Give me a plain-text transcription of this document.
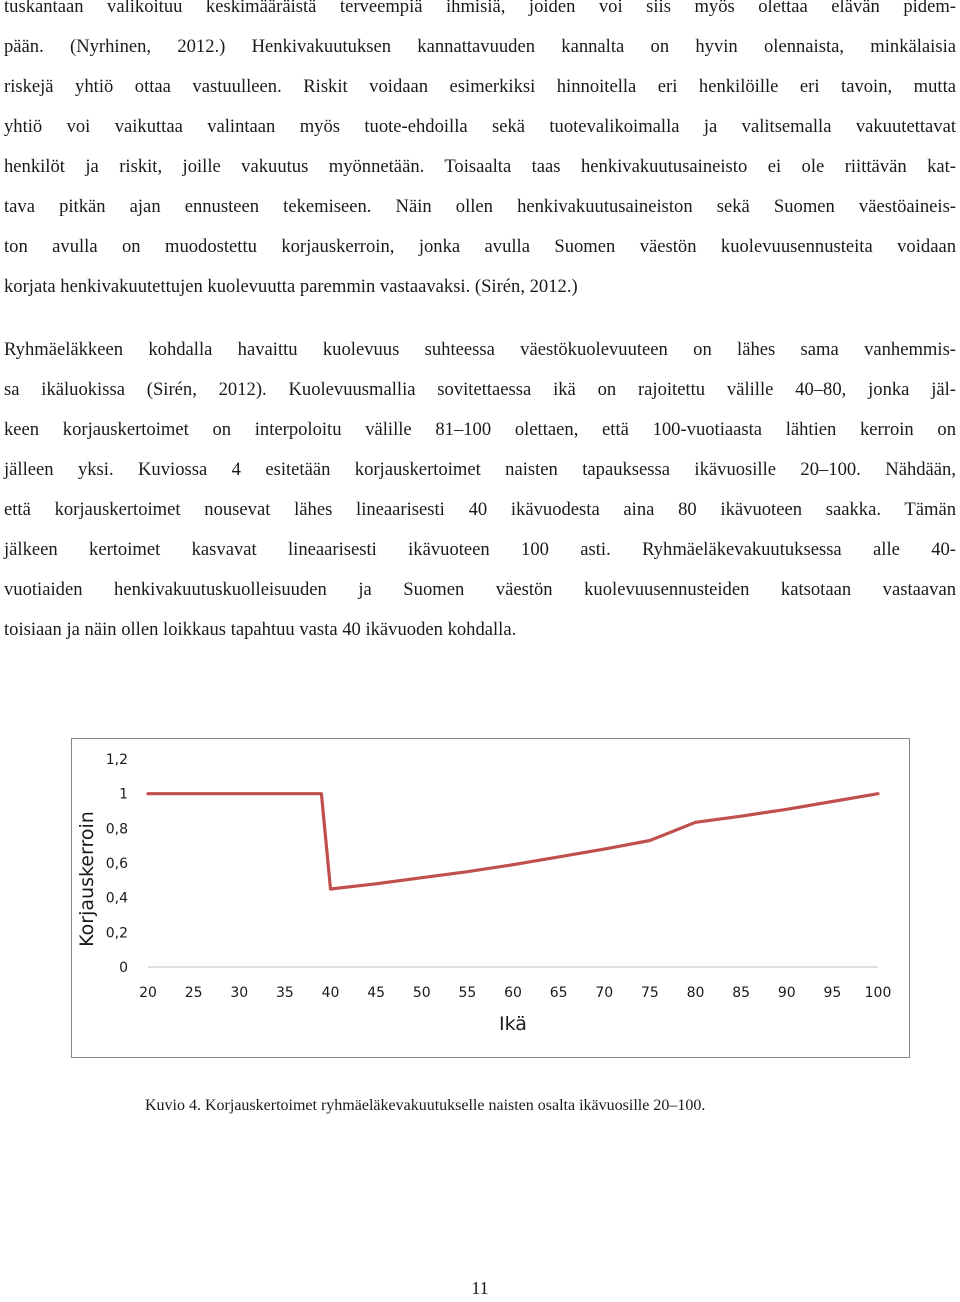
tuskantaan valikoituu keskimääräistä terveempiä ihmisiä, joiden voi siis myös olettaa elävän pidem-
pään. (Nyrhinen, 2012.) Henkivakuutuksen kannattavuuden kannalta on hyvin olennaista, minkälaisia
riskejä yhtiö ottaa vastuulleen. Riskit voidaan esimerkiksi hinnoitella eri henkilöille eri tavoin, mutta
yhtiö voi vaikuttaa valintaan myös tuote-ehdoilla sekä tuotevalikoimalla ja valitsemalla vakuutettavat
henkilöt ja riskit, joille vakuutus myönnetään. Toisaalta taas henkivakuutusaineisto ei ole riittävän kat-
tava pitkän ajan ennusteen tekemiseen. Näin ollen henkivakuutusaineiston sekä Suomen väestöaineis-
ton avulla on muodostettu korjauskerroin, jonka avulla Suomen väestön kuolevuusennusteita voidaan
korjata henkivakuutettujen kuolevuutta paremmin vastaavaksi. (Sirén, 2012.)
Ryhmäeläkkeen kohdalla havaittu kuolevuus suhteessa väestökuolevuuteen on lähes sama vanhemmis-
sa ikäluokissa (Sirén, 2012). Kuolevuusmallia sovitettaessa ikä on rajoitettu välille 40–80, jonka jäl-
keen korjauskertoimet on interpoloitu välille 81–100 olettaen, että 100-vuotiaasta lähtien kerroin on
jälleen yksi. Kuviossa 4 esitetään korjauskertoimet naisten tapauksessa ikävuosille 20–100. Nähdään,
että korjauskertoimet nousevat lähes lineaarisesti 40 ikävuodesta aina 80 ikävuoteen saakka. Tämän
jälkeen kertoimet kasvavat lineaarisesti ikävuoteen 100 asti. Ryhmäeläkevakuutuksessa alle 40-
vuotiaiden henkivakuutuskuolleisuuden ja Suomen väestön kuolevuusennusteiden katsotaan vastaavan
toisiaan ja näin ollen loikkaus tapahtuu vasta 40 ikävuoden kohdalla.
0
0,2
0,4
0,6
0,8
1
1,2
20 25 30 35 40 45 50 55 60 65 70 75 80 85 90 95 100
Ikä
Korjauskerroin
Kuvio 4. Korjauskertoimet ryhmäeläkevakuutukselle naisten osalta ikävuosille 20–100.
11
